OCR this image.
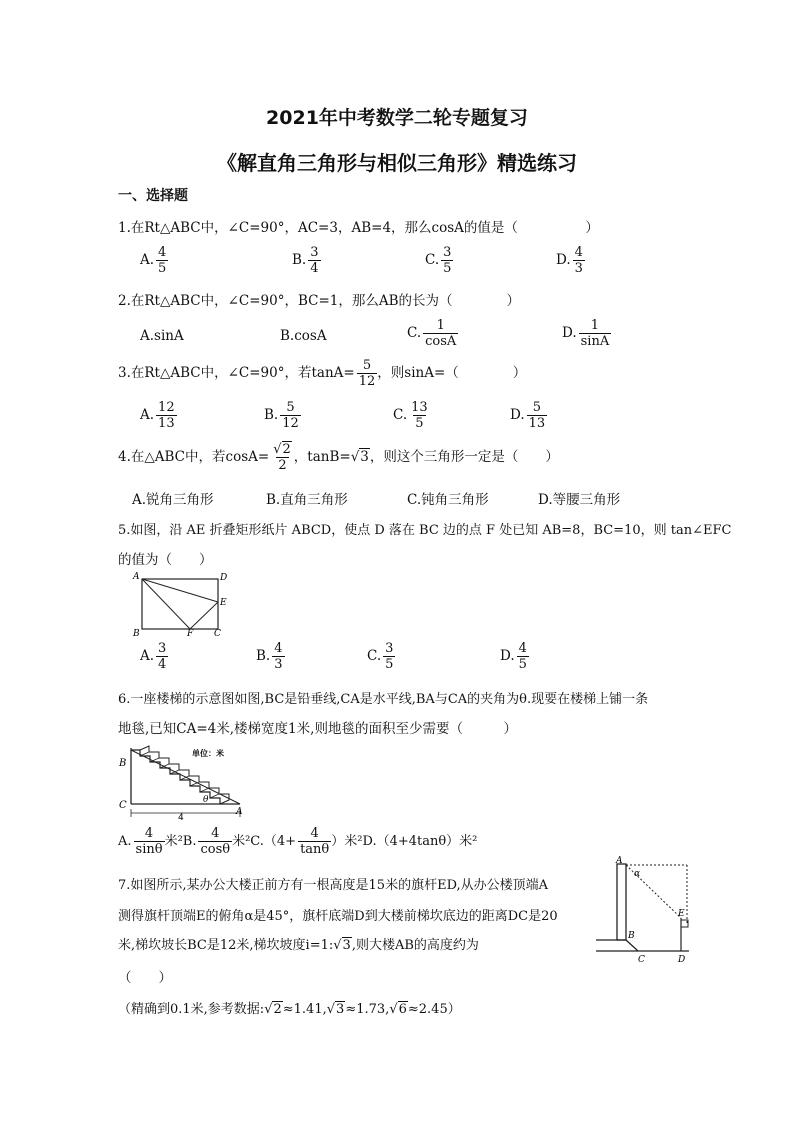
2021年中考数学二轮专题复习
《解直角三角形与相似三角形》精选练习
一、选择题
1.在Rt△ABC中，∠C=90°，AC=3，AB=4，那么cosA的值是（　　　　　）
A. $\frac{4}{5}$	B. $\frac{3}{4}$	C. $\frac{3}{5}$	D. $\frac{4}{3}$
2.在Rt△ABC中，∠C=90°，BC=1，那么AB的长为（　　　　）
A.sinA	B.cosA	C. $\frac{1}{\cos A}$	D. $\frac{1}{\sin A}$
3.在Rt△ABC中，∠C=90°，若$\tan A= \frac{5}{12}$ ，则sinA=（　　　　）
A. $\frac{12}{13}$	B. $\frac{5}{12}$	C. $\frac{13}{5}$	D. $\frac{5}{13}$
4.在△ABC中，若$\cos A= \frac{√2}{2}$ ，tanB=√3，则这个三角形一定是（　　）
A.锐角三角形	B.直角三角形	C.钝角三角形	D.等腰三角形
5.如图，沿 AE 折叠矩形纸片 ABCD，使点 D 落在 BC 边的点 F 处已知 AB=8，BC=10，则 tan∠EFC
的值为（　　）
A	D
E
B	F C
A. $\frac{3}{4}$	B. $\frac{4}{3}$	C. $\frac{3}{5}$	D. $\frac{4}{5}$
6.一座楼梯的示意图如图,BC是铅垂线,CA是水平线,BA与CA的夹角为θ.现要在楼梯上铺一条
地毯,已知CA=4米,楼梯宽度1米,则地毯的面积至少需要（　　　）
4
单位：米
B
C
A
θ
A. $\frac{4}{\sin\theta}$ 米²B. $\frac{4}{\cos\theta}$ 米$^2C.(4+ \frac{4}{\tan\theta}$ ）米²D.（4+4tanθ）米²
7.如图所示,某办公大楼正前方有一根高度是15米的旗杆ED,从办公楼顶端A
测得旗杆顶端E的俯角α是45°，旗杆底端D到大楼前梯坎底边的距离DC是20
米,梯坎坡长BC是12米,梯坎坡度i=1:√3,则大楼AB的高度约为
（　　）
（精确到0.1米,参考数据:√2≈1.41,√3≈1.73,√6≈2.45）
A
α
E
B
C	D
